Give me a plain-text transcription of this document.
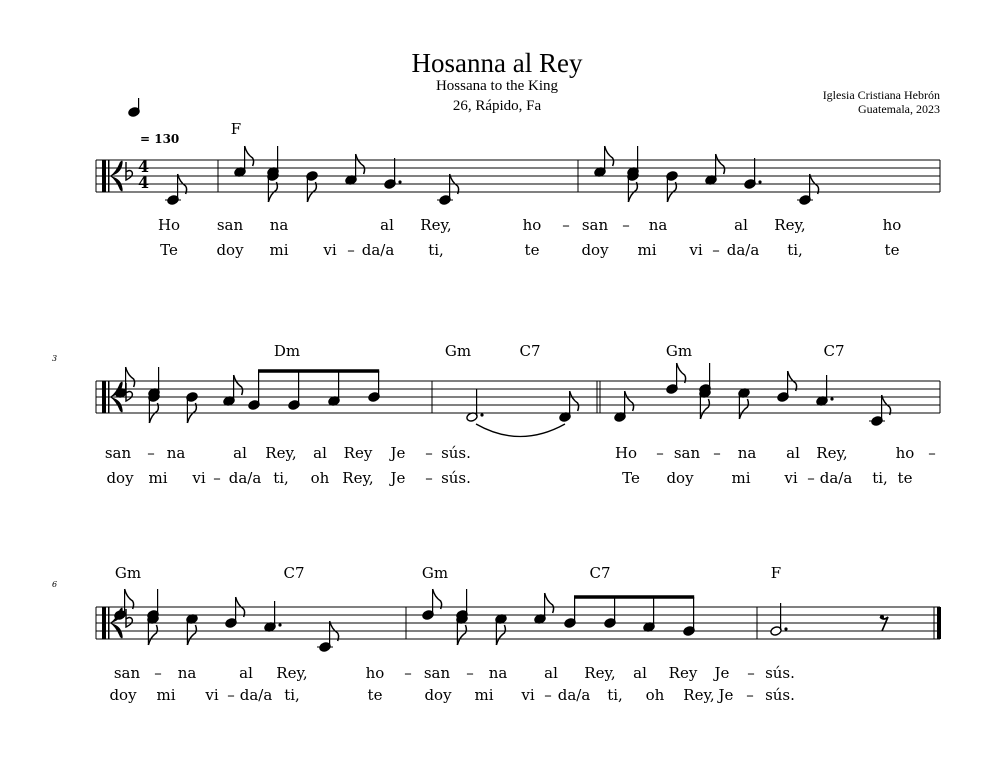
Hosanna al Rey
Hossana to the King
26, Rápido, Fa
Iglesia Cristiana Hebrón
Guatemala, 2023
4
4
= 130
3
6
F
Dm	Gm	C7	Gm	C7
Gm	C7	Gm	C7	F
Ho san na	al Rey,	ho – san – na	al Rey,	ho
Te	doy mi vi – da/a ti,	te	doy mi vi – da/a ti,	te
san – na	al Rey, al Rey Je – sús.	Ho – san – na al Rey,	ho –
doy mi vi – da/a ti, oh Rey, Je – sús.	Te doy	mi vi – da/a ti, te
san – na	al Rey,	ho – san – na al Rey, al Rey Je – sús.
doy mi vi – da/a ti,	te	doy mi vi – da/a ti, oh Rey, Je – sús.
